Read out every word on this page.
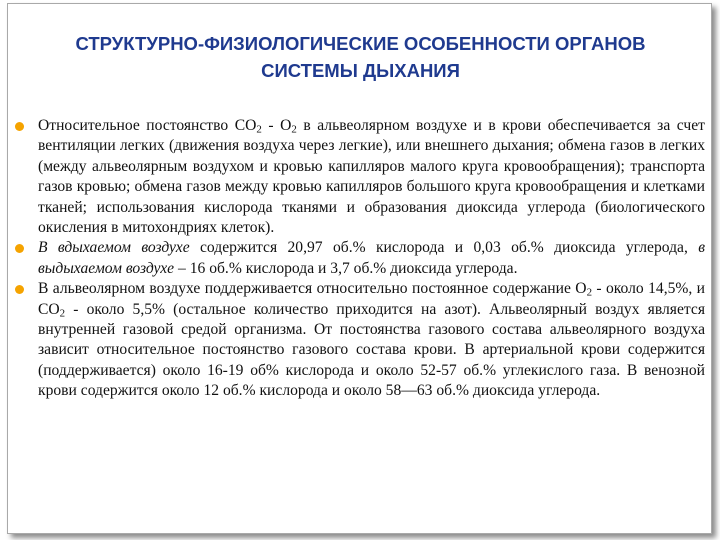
СТРУКТУРНО-ФИЗИОЛОГИЧЕСКИЕ ОСОБЕННОСТИ ОРГАНОВ
СИСТЕМЫ ДЫХАНИЯ
Относительное постоянство $СО_2 - О_2$ в альвеолярном воздухе и в крови обеспечивается за счет вентиляции легких (движения воздуха через легкие), или внешнего дыхания; обмена газов в легких (между альвеолярным воздухом и кровью капилляров малого круга кровообращения); транспорта газов кровью; обмена газов между кровью капилляров большого круга кровообращения и клетками тканей; использования кислорода тканями и образования диоксида углерода (биологического окисления в митохондриях клеток).
В вдыхаемом воздухе содержится 20,97 об.% кислорода и 0,03 об.% диоксида углерода, в выдыхаемом воздухе – 16 об.% кислорода и 3,7 об.% диоксида углерода.
В альвеолярном воздухе поддерживается относительно постоянное содержание $О_2$ - около 14,5%, и $СО_2$ - около 5,5% (остальное количество приходится на азот). Альвеолярный воздух является внутренней газовой средой организма. От постоянства газового состава альвеолярного воздуха зависит относительное постоянство газового состава крови. В артериальной крови содержится (поддерживается) около 16-19 об% кислорода и около 52-57 об.% углекислого газа. В венозной крови содержится около 12 об.% кислорода и около 58—63 об.% диоксида углерода.
